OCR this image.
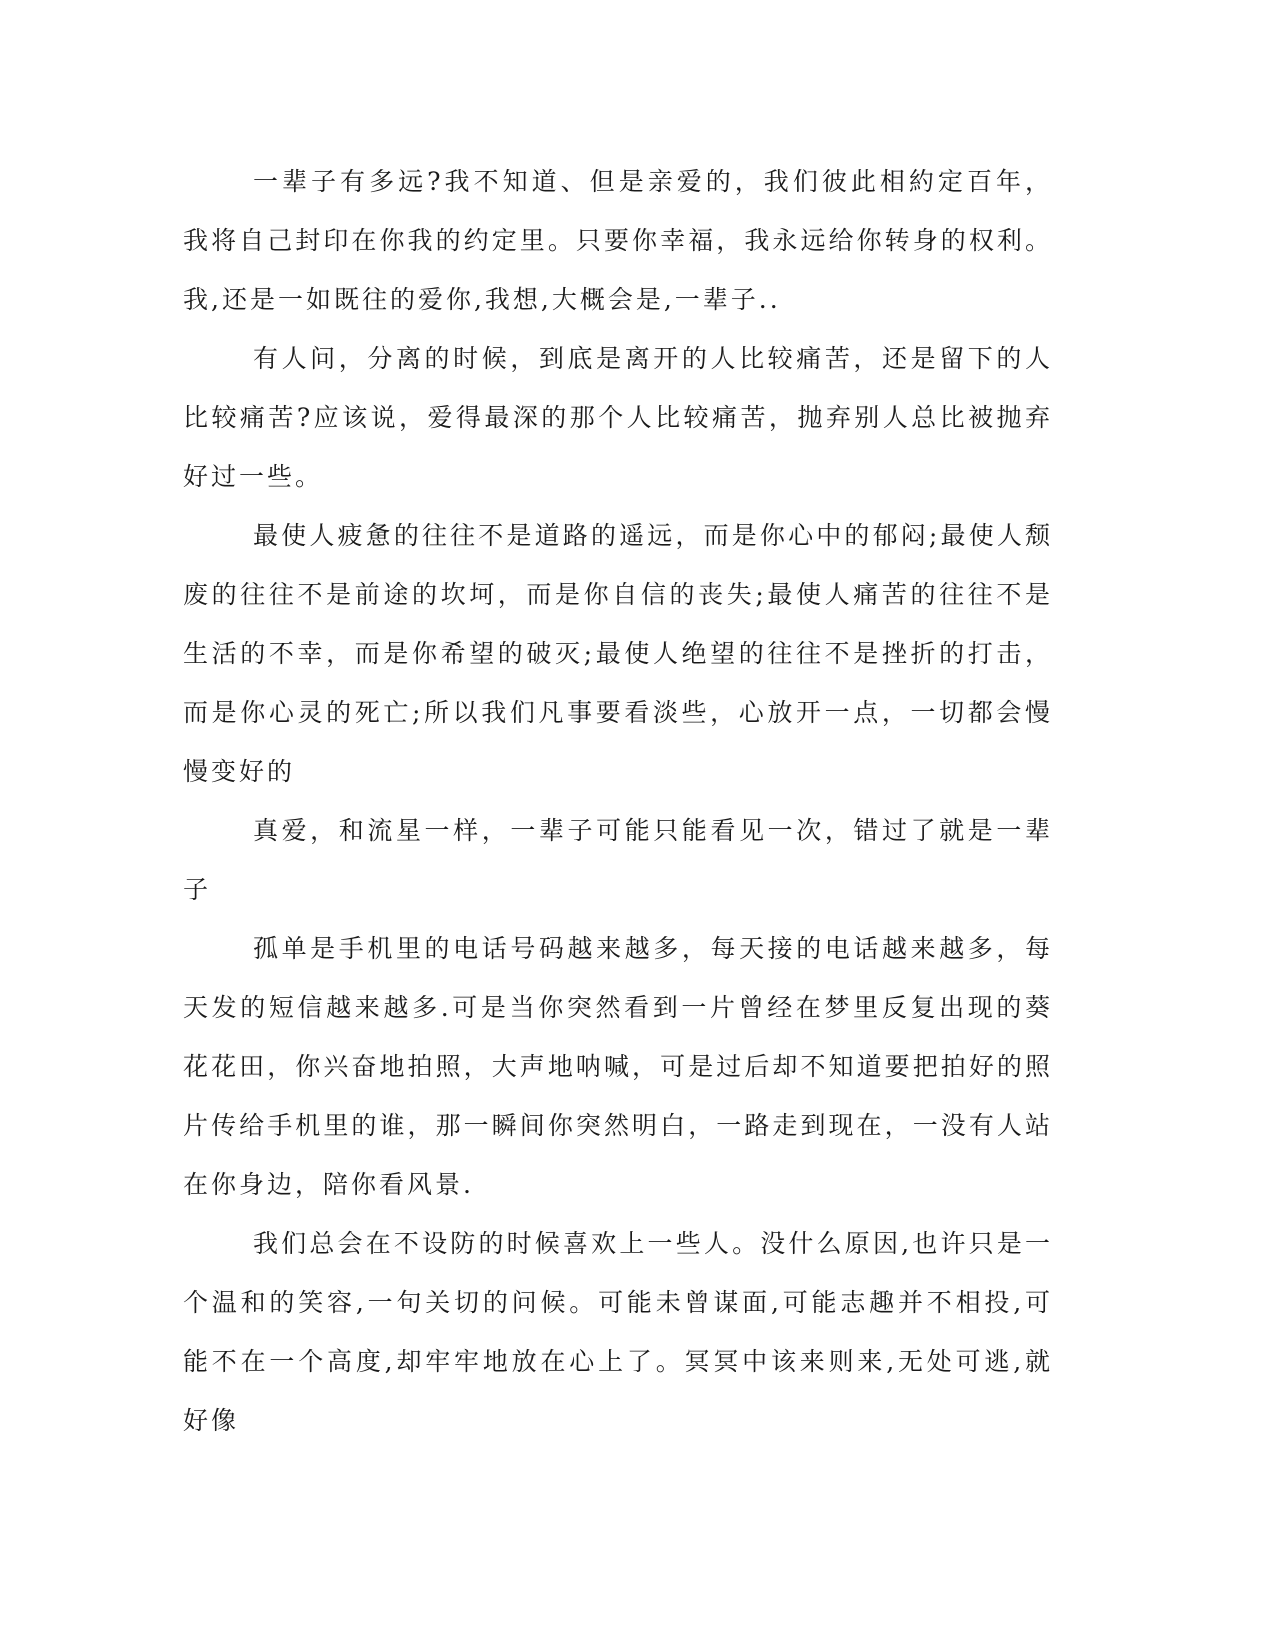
一辈子有多远?我不知道、但是亲爱的，我们彼此相約定百年，我将自己封印在你我的约定里。只要你幸福，我永远给你转身的权利。我,还是一如既往的爱你,我想,大概会是,一辈子..

有人问，分离的时候，到底是离开的人比较痛苦，还是留下的人比较痛苦?应该说，爱得最深的那个人比较痛苦，抛弃别人总比被抛弃好过一些。

最使人疲惫的往往不是道路的遥远，而是你心中的郁闷;最使人颓废的往往不是前途的坎坷，而是你自信的丧失;最使人痛苦的往往不是生活的不幸，而是你希望的破灭;最使人绝望的往往不是挫折的打击，而是你心灵的死亡;所以我们凡事要看淡些，心放开一点，一切都会慢慢变好的

真爱，和流星一样，一辈子可能只能看见一次，错过了就是一辈子

孤单是手机里的电话号码越来越多，每天接的电话越来越多，每天发的短信越来越多.可是当你突然看到一片曾经在梦里反复出现的葵花花田，你兴奋地拍照，大声地呐喊，可是过后却不知道要把拍好的照片传给手机里的谁，那一瞬间你突然明白，一路走到现在，一没有人站在你身边，陪你看风景.

我们总会在不设防的时候喜欢上一些人。没什么原因,也许只是一个温和的笑容,一句关切的问候。可能未曾谋面,可能志趣并不相投,可能不在一个高度,却牢牢地放在心上了。冥冥中该来则来,无处可逃,就好像
